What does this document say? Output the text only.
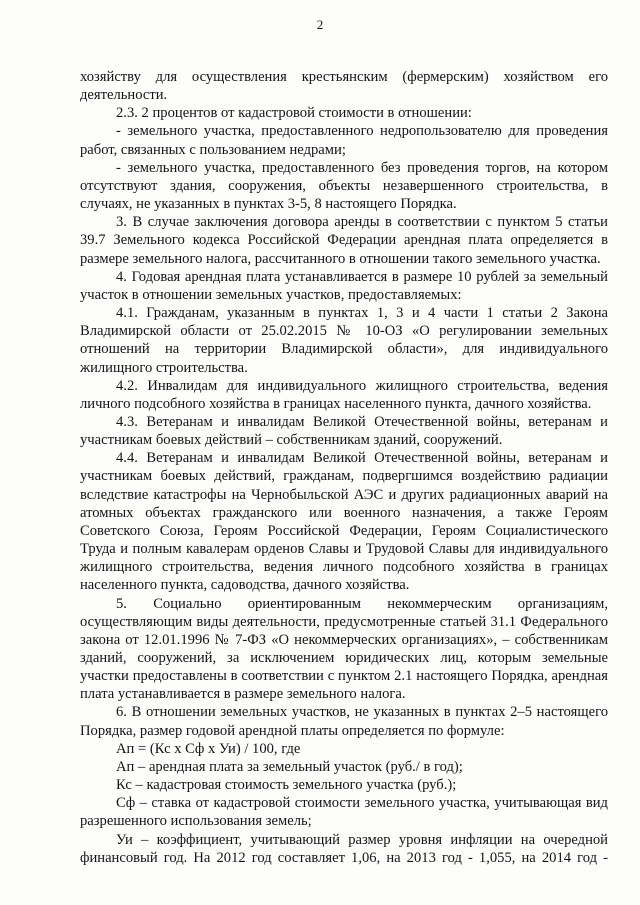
2

хозяйству для осуществления крестьянским (фермерским) хозяйством его деятельности.

2.3. 2 процентов от кадастровой стоимости в отношении:

- земельного участка, предоставленного недропользователю для проведения работ, связанных с пользованием недрами;

- земельного участка, предоставленного без проведения торгов, на котором отсутствуют здания, сооружения, объекты незавершенного строительства, в случаях, не указанных в пунктах 3-5, 8 настоящего Порядка.

3. В случае заключения договора аренды в соответствии с пунктом 5 статьи 39.7 Земельного кодекса Российской Федерации арендная плата определяется в размере земельного налога, рассчитанного в отношении такого земельного участка.

4. Годовая арендная плата устанавливается в размере 10 рублей за земельный участок в отношении земельных участков, предоставляемых:

4.1. Гражданам, указанным в пунктах 1, 3 и 4 части 1 статьи 2 Закона Владимирской области от 25.02.2015 № 10-ОЗ «О регулировании земельных отношений на территории Владимирской области», для индивидуального жилищного строительства.

4.2. Инвалидам для индивидуального жилищного строительства, ведения личного подсобного хозяйства в границах населенного пункта, дачного хозяйства.

4.3. Ветеранам и инвалидам Великой Отечественной войны, ветеранам и участникам боевых действий – собственникам зданий, сооружений.

4.4. Ветеранам и инвалидам Великой Отечественной войны, ветеранам и участникам боевых действий, гражданам, подвергшимся воздействию радиации вследствие катастрофы на Чернобыльской АЭС и других радиационных аварий на атомных объектах гражданского или военного назначения, а также Героям Советского Союза, Героям Российской Федерации, Героям Социалистического Труда и полным кавалерам орденов Славы и Трудовой Славы для индивидуального жилищного строительства, ведения личного подсобного хозяйства в границах населенного пункта, садоводства, дачного хозяйства.

5. Социально ориентированным некоммерческим организациям, осуществляющим виды деятельности, предусмотренные статьей 31.1 Федерального закона от 12.01.1996 № 7-ФЗ «О некоммерческих организациях», – собственникам зданий, сооружений, за исключением юридических лиц, которым земельные участки предоставлены в соответствии с пунктом 2.1 настоящего Порядка, арендная плата устанавливается в размере земельного налога.

6. В отношении земельных участков, не указанных в пунктах 2–5 настоящего Порядка, размер годовой арендной платы определяется по формуле:

Ап = (Кс х Сф х Уи) / 100, где

Ап – арендная плата за земельный участок (руб./ в год);

Кс – кадастровая стоимость земельного участка (руб.);

Сф – ставка от кадастровой стоимости земельного участка, учитывающая вид разрешенного использования земель;

Уи – коэффициент, учитывающий размер уровня инфляции на очередной финансовый год. На 2012 год составляет 1,06, на 2013 год - 1,055, на 2014 год -
